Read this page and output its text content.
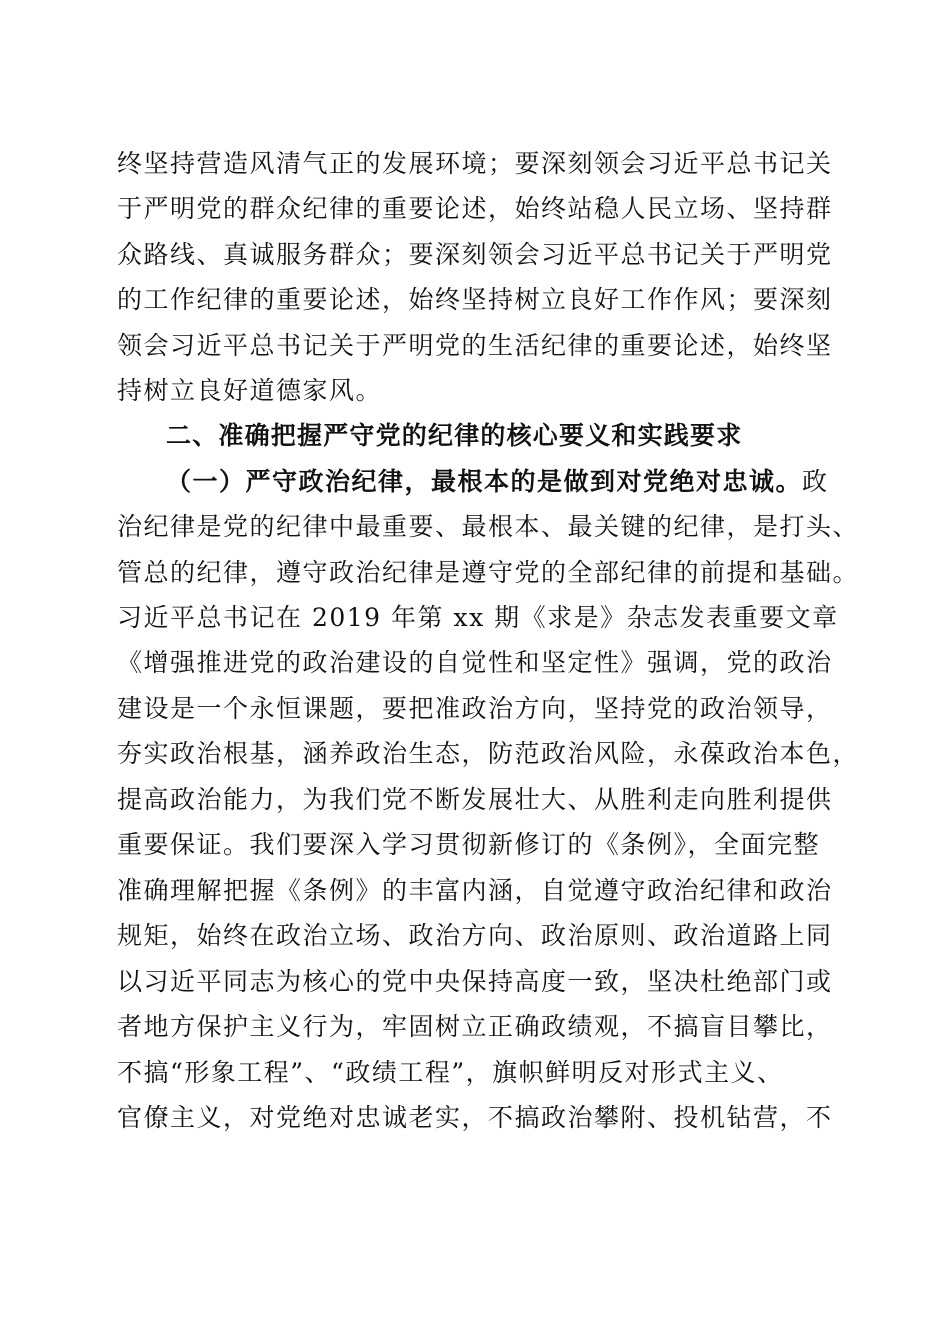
终坚持营造风清气正的发展环境；要深刻领会习近平总书记关
于严明党的群众纪律的重要论述，始终站稳人民立场、坚持群
众路线、真诚服务群众；要深刻领会习近平总书记关于严明党
的工作纪律的重要论述，始终坚持树立良好工作作风；要深刻
领会习近平总书记关于严明党的生活纪律的重要论述，始终坚
持树立良好道德家风。
二、准确把握严守党的纪律的核心要义和实践要求
（一）严守政治纪律，最根本的是做到对党绝对忠诚。政
治纪律是党的纪律中最重要、最根本、最关键的纪律，是打头、
管总的纪律，遵守政治纪律是遵守党的全部纪律的前提和基础。
习近平总书记在 2019 年第 xx 期《求是》杂志发表重要文章
《增强推进党的政治建设的自觉性和坚定性》强调，党的政治
建设是一个永恒课题，要把准政治方向，坚持党的政治领导，
夯实政治根基，涵养政治生态，防范政治风险，永葆政治本色，
提高政治能力，为我们党不断发展壮大、从胜利走向胜利提供
重要保证。我们要深入学习贯彻新修订的《条例》，全面完整
准确理解把握《条例》的丰富内涵，自觉遵守政治纪律和政治
规矩，始终在政治立场、政治方向、政治原则、政治道路上同
以习近平同志为核心的党中央保持高度一致，坚决杜绝部门或
者地方保护主义行为，牢固树立正确政绩观，不搞盲目攀比，
不搞“形象工程”、“政绩工程”，旗帜鲜明反对形式主义、
官僚主义，对党绝对忠诚老实，不搞政治攀附、投机钻营，不
